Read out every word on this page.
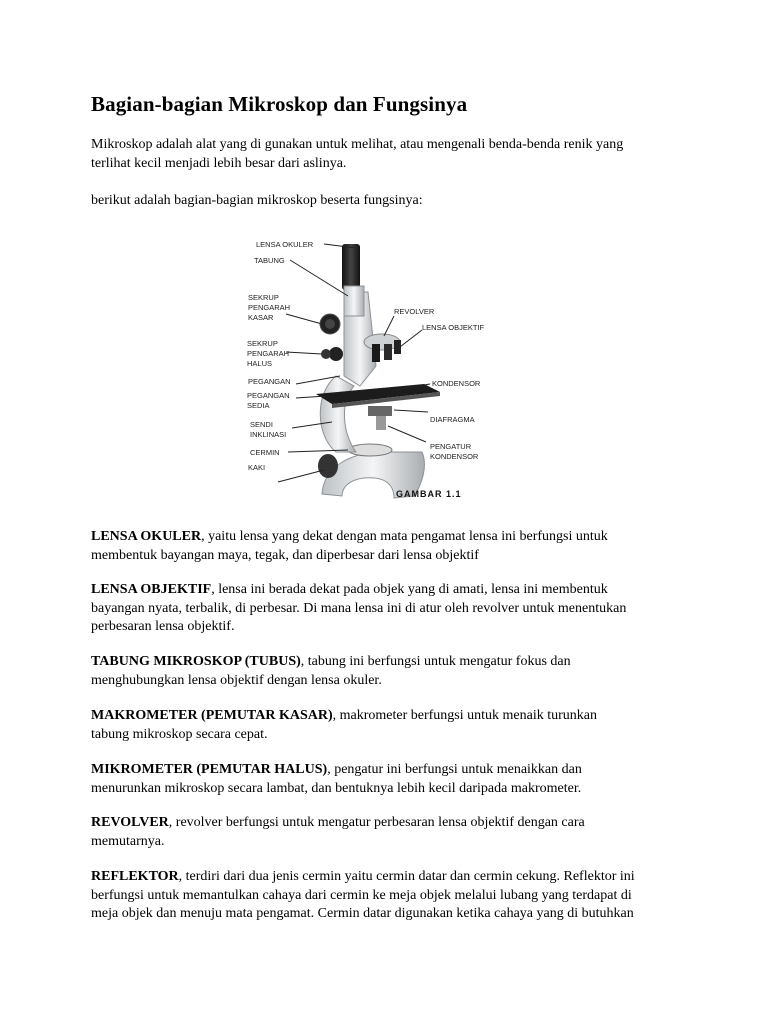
Bagian-bagian Mikroskop dan Fungsinya

Mikroskop adalah alat yang di gunakan untuk melihat, atau mengenali benda-benda renik yang
terlihat kecil menjadi lebih besar dari aslinya.

berikut adalah bagian-bagian mikroskop beserta fungsinya:

LENSA OKULER
TABUNG
SEKRUP
PENGARAH
KASAR
SEKRUP
PENGARAH
HALUS
PEGANGAN
PEGANGAN
SEDIA
SENDI
INKLINASI
CERMIN
KAKI
REVOLVER
LENSA OBJEKTIF
KONDENSOR
DIAFRAGMA
PENGATUR
KONDENSOR
GAMBAR 1.1

LENSA OKULER, yaitu lensa yang dekat dengan mata pengamat lensa ini berfungsi untuk
membentuk bayangan maya, tegak, dan diperbesar dari lensa objektif

LENSA OBJEKTIF, lensa ini berada dekat pada objek yang di amati, lensa ini membentuk
bayangan nyata, terbalik, di perbesar. Di mana lensa ini di atur oleh revolver untuk menentukan
perbesaran lensa objektif.

TABUNG MIKROSKOP (TUBUS), tabung ini berfungsi untuk mengatur fokus dan
menghubungkan lensa objektif dengan lensa okuler.

MAKROMETER (PEMUTAR KASAR), makrometer berfungsi untuk menaik turunkan
tabung mikroskop secara cepat.

MIKROMETER (PEMUTAR HALUS), pengatur ini berfungsi untuk menaikkan dan
menurunkan mikroskop secara lambat, dan bentuknya lebih kecil daripada makrometer.

REVOLVER, revolver berfungsi untuk mengatur perbesaran lensa objektif dengan cara
memutarnya.

REFLEKTOR, terdiri dari dua jenis cermin yaitu cermin datar dan cermin cekung. Reflektor ini
berfungsi untuk memantulkan cahaya dari cermin ke meja objek melalui lubang yang terdapat di
meja objek dan menuju mata pengamat. Cermin datar digunakan ketika cahaya yang di butuhkan
